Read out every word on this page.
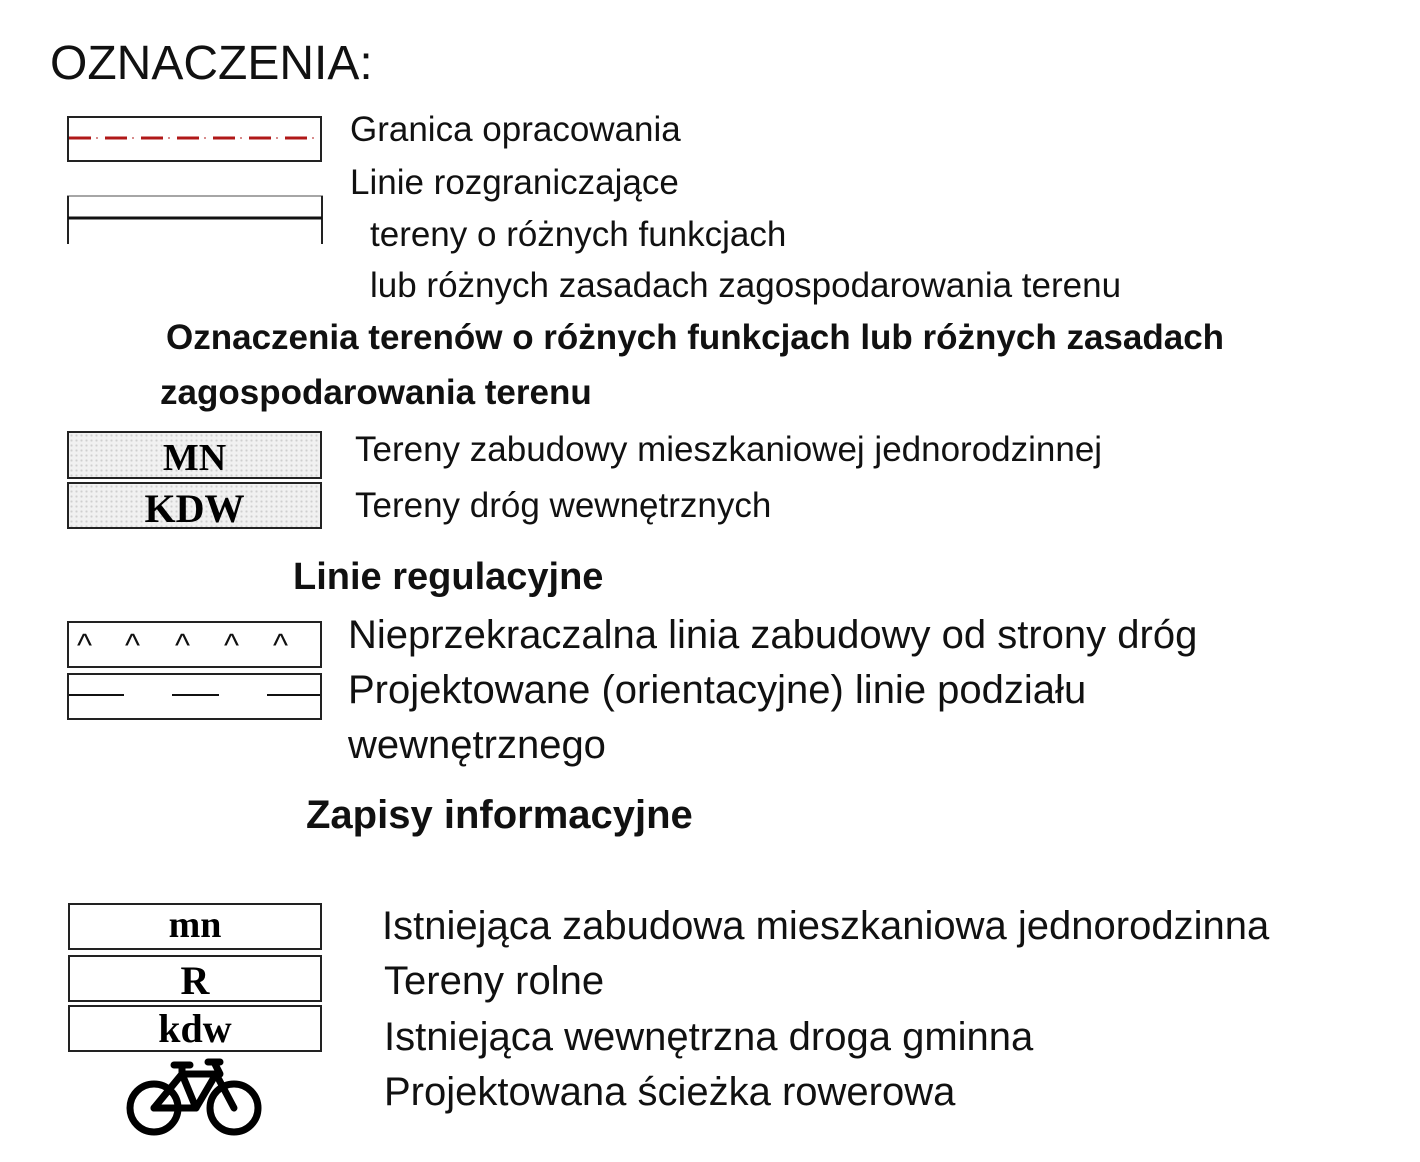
OZNACZENIA:
Granica opracowania
Linie rozgraniczające
tereny o różnych funkcjach
lub różnych zasadach zagospodarowania terenu
Oznaczenia terenów o różnych funkcjach lub różnych zasadach
zagospodarowania terenu
MN	Tereny zabudowy mieszkaniowej jednorodzinnej
KDW	Tereny dróg wewnętrznych
Linie regulacyjne
^ ^ ^ ^ ^ Nieprzekraczalna linia zabudowy od strony dróg
Projektowane (orientacyjne) linie podziału
wewnętrznego
Zapisy informacyjne
mn	Istniejąca zabudowa mieszkaniowa jednorodzinna
R	Tereny rolne
kdw	Istniejąca wewnętrzna droga gminna
Projektowana ścieżka rowerowa
